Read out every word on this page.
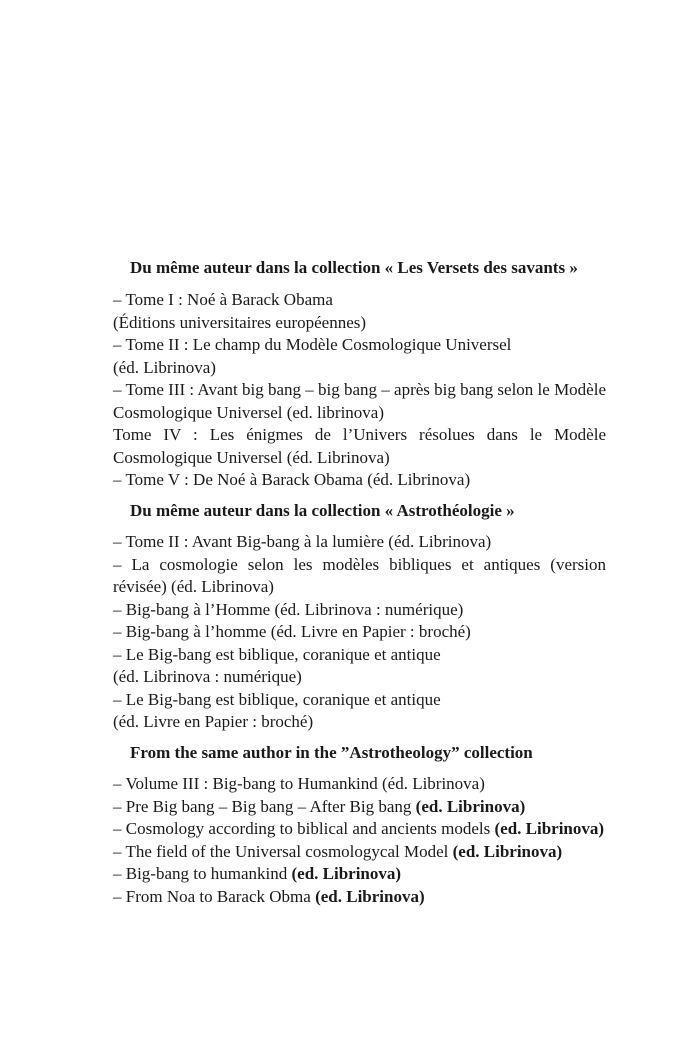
Du même auteur dans la collection « Les Versets des savants »

– Tome I : Noé à Barack Obama
(Éditions universitaires européennes)
– Tome II : Le champ du Modèle Cosmologique Universel
(éd. Librinova)
– Tome III : Avant big bang – big bang – après big bang selon le Modèle Cosmologique Universel (ed. librinova)
Tome IV : Les énigmes de l’Univers résolues dans le Modèle Cosmologique Universel (éd. Librinova)
– Tome V : De Noé à Barack Obama (éd. Librinova)

Du même auteur dans la collection « Astrothéologie »

– Tome II : Avant Big-bang à la lumière (éd. Librinova)
– La cosmologie selon les modèles bibliques et antiques (version révisée) (éd. Librinova)
– Big-bang à l’Homme (éd. Librinova : numérique)
– Big-bang à l’homme (éd. Livre en Papier : broché)
– Le Big-bang est biblique, coranique et antique
(éd. Librinova : numérique)
– Le Big-bang est biblique, coranique et antique
(éd. Livre en Papier : broché)

From the same author in the ”Astrotheology” collection

– Volume III : Big-bang to Humankind (éd. Librinova)
– Pre Big bang – Big bang – After Big bang (ed. Librinova)
– Cosmology according to biblical and ancients models (ed. Librinova)
– The field of the Universal cosmologycal Model (ed. Librinova)
– Big-bang to humankind (ed. Librinova)
– From Noa to Barack Obma (ed. Librinova)
